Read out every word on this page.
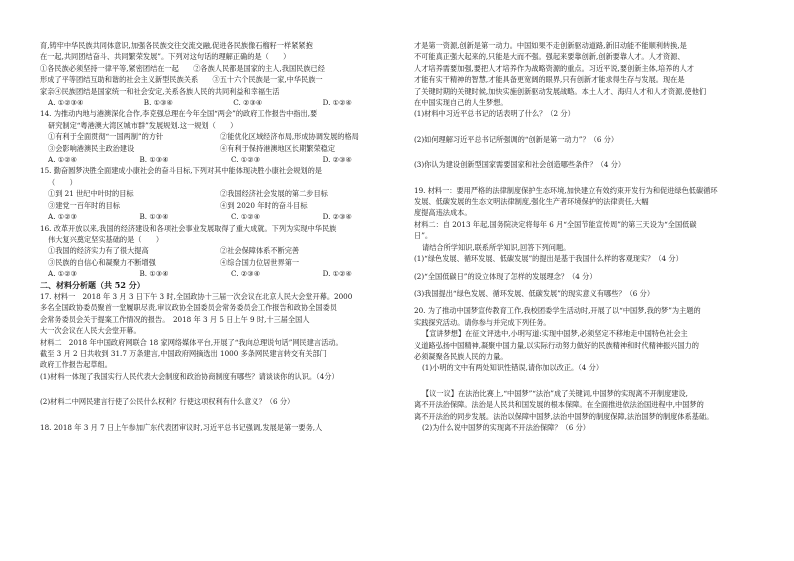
育,铸牢中华民族共同体意识,加强各民族交往交流交融,促进各民族像石榴籽一样紧紧抱
在一起,共同团结奋斗、共同繁荣发展”。下列对这句话的理解正确的是（　　）
①各民族必须坚持一律平等,紧密团结在一起　　②各族人民都是国家的主人,我国民族已经
形成了平等团结互助和谐的社会主义新型民族关系　　③五十六个民族是一家,中华民族一
家亲④民族团结是国家统一和社会安定,关系各族人民的共同利益和幸福生活
A. ①②③④	B. ①③④	C. ②③④	D. ①②④
14. 为推动内地与港澳深化合作,李克强总理在今年全国“两会”的政府工作报告中指出,要
研究制定“粤港澳大湾区城市群”发展规划.这一规划（　　）
①有利于全面贯彻“一国两制”的方针	②能优化区域经济布局,形成协调发展的格局
③会影响港澳民主政治建设	④有利于保持港澳地区长期繁荣稳定
A. ①②④	B. ①③④	C. ①②③	D. ②③④
15. 勤奋圆梦决胜全面建成小康社会的奋斗目标,下列对其中能体现决胜小康社会规划的是
（　　）
①到 21 世纪中叶时的目标	②我国经济社会发展的第二步目标
③建党一百年时的目标	④到 2020 年时的奋斗目标
A. ①②③	B. ①③④	C. ①②④	D. ②③④
16. 改革开放以来,我国的经济建设和各项社会事业发展取得了重大成就。下列为实现中华民族
伟大复兴奠定坚实基础的是（　　）
①我国的经济实力有了很大提高	②社会保障体系不断完善
③民族的自信心和凝聚力不断增强	④综合国力位居世界第一
A. ①②③	B. ①③④	C. ②③④	D. ①②④
二、材料分析题（共 52 分）
17. 材料一　2018 年 3 月 3 日下午 3 时,全国政协十三届一次会议在北京人民大会堂开幕。2000
多名全国政协委员聚首一堂履职尽责,审议政协全国委员会常务委员会工作报告和政协全国委员
会常务委员会关于提案工作情况的报告。　2018 年 3 月 5 日上午 9 时,十三届全国人
大一次会议在人民大会堂开幕。
材料二　2018 年中国政府网联合 18 家网络媒体平台,开展了“我向总理说句话”网民建言活动。
截至 3 月 2 日共收到 31.7 万条建言,中国政府网摘选出 1000 多条网民建言转交有关部门
政府工作报告起草组。
(1)材料一体现了我国实行人民代表大会制度和政治协商制度有哪些？请谈谈你的认识。（4分）
(2)材料二中网民建言行使了公民什么权利？行使这项权利有什么意义？（6 分）
18. 2018 年 3 月 7 日上午参加广东代表团审议时,习近平总书记强调,发展是第一要务,人
才是第一资源,创新是第一动力。中国如果不走创新驱动道路,新旧动能不能顺利转换,是
不可能真正强大起来的,只能是大而不强。强起来要靠创新,创新要靠人才。人才资源、
人才培养需要加强,要把人才培养作为战略资源的重点。习近平说,要创新主体,培养的人才
才能有实干精神的智慧,才能具备更宽阔的眼界,只有创新才能求得生存与发展。现在是
了关键时期的关键时候,加快实施创新驱动发展战略。本土人才、海归人才和人才资源,使他们
在中国实现自己的人生梦想。
(1)材料中习近平总书记的话表明了什么？（2 分）
(2)如何理解习近平总书记所强调的“创新是第一动力”？（6 分）
(3)你认为建设创新型国家需要国家和社会创造哪些条件？（4 分）
19. 材料一：要用严格的法律制度保护生态环境,加快建立有效约束开发行为和促进绿色低碳循环
发展、低碳发展的生态文明法律制度,强化生产者环境保护的法律责任,大幅
度提高违法成本。
材料二：自 2013 年起,国务院决定将每年 6 月“全国节能宣传周”的第三天设为“全国低碳
日”。
请结合所学知识,联系所学知识,回答下列问题。
(1)“绿色发展、循环发展、低碳发展”的提出是基于我国什么样的客观现实？（4 分）
(2)“全国低碳日”的设立体现了怎样的发展理念？（4 分）
(3)我国提出“绿色发展、循环发展、低碳发展”的现实意义有哪些？（6 分）
20. 为了推动中国梦宣传教育工作,我校团委学生活动时,开展了以“中国梦,我的梦”为主题的
实践探究活动。请你参与并完成下列任务。
【宣讲梦想】在征文评选中,小明写道:实现中国梦,必须坚定不移地走中国特色社会主
义道路弘扬中国精神,凝聚中国力量,以实际行动努力做好的民族精神和时代精神振兴国力的
必须凝聚各民族人民的力量。
(1)小明的文中有两处知识性错误,请你加以改正。（4 分）
【议一议】在法治比赛上,“中国梦”“法治”成了关键词,中国梦的实现离不开制度建设,
离不开法治保障。法治是人民共和国发展的根本保障。在全面推进依法治国进程中,中国梦的
离不开法治的同步发展。法治以保障中国梦,法治中国梦的制度保障,法治国梦的制度体系基础。
(2)为什么说中国梦的实现离不开法治保障？（6 分）
